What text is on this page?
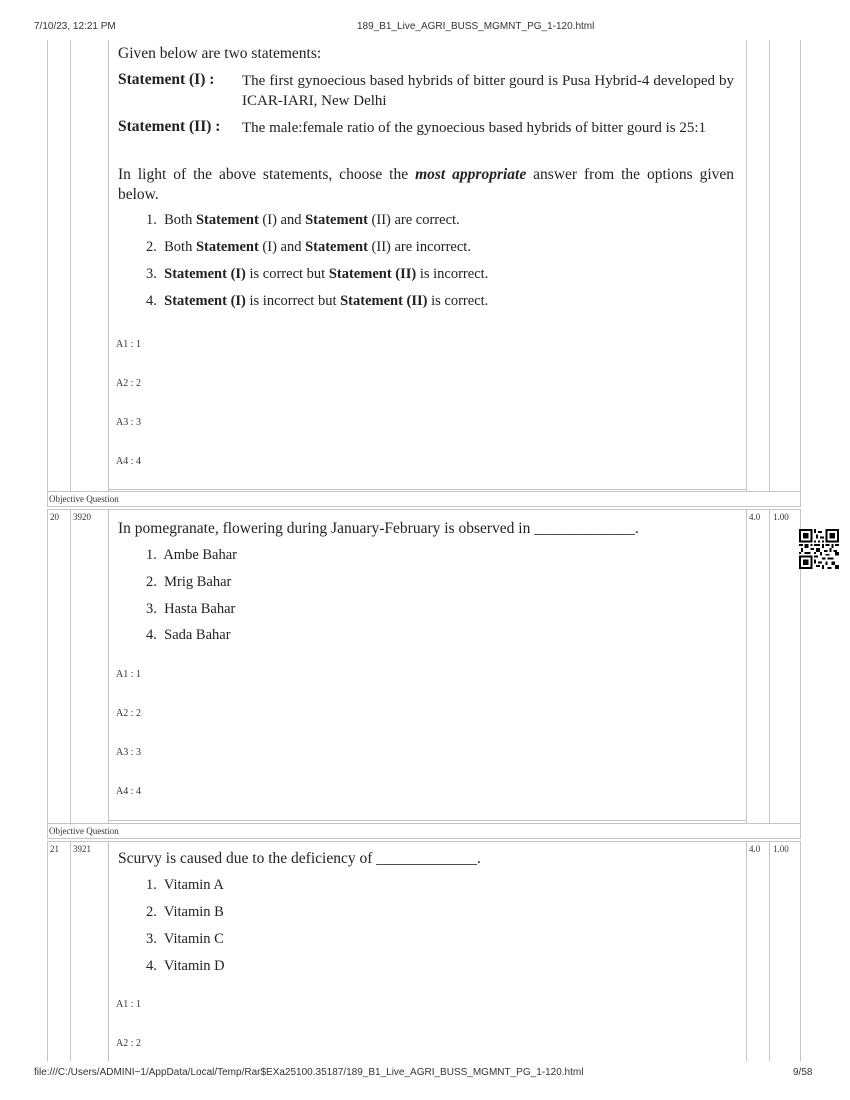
7/10/23, 12:21 PM	189_B1_Live_AGRI_BUSS_MGMNT_PG_1-120.html
Objective Question
Objective Question
Given below are two statements:
Statement (I) : The first gynoecious based hybrids of bitter gourd is Pusa Hybrid-4 developed by ICAR-IARI, New Delhi
Statement (II) : The male:female ratio of the gynoecious based hybrids of bitter gourd is 25:1
In light of the above statements, choose the most appropriate answer from the options given below.
1. Both Statement (I) and Statement (II) are correct.
2. Both Statement (I) and Statement (II) are incorrect.
3. Statement (I) is correct but Statement (II) is incorrect.
4. Statement (I) is incorrect but Statement (II) is correct.
A1 : 1
A2 : 2
A3 : 3
A4 : 4
20 3920	4.0 1.00
In pomegranate, flowering during January-February is observed in _____________.
1. Ambe Bahar
2. Mrig Bahar
3. Hasta Bahar
4. Sada Bahar
A1 : 1
A2 : 2
A3 : 3
A4 : 4
21 3921	4.0 1.00
Scurvy is caused due to the deficiency of _____________.
1. Vitamin A
2. Vitamin B
3. Vitamin C
4. Vitamin D
A1 : 1
A2 : 2
file:///C:/Users/ADMINI~1/AppData/Local/Temp/Rar$EXa25100.35187/189_B1_Live_AGRI_BUSS_MGMNT_PG_1-120.html	9/58
